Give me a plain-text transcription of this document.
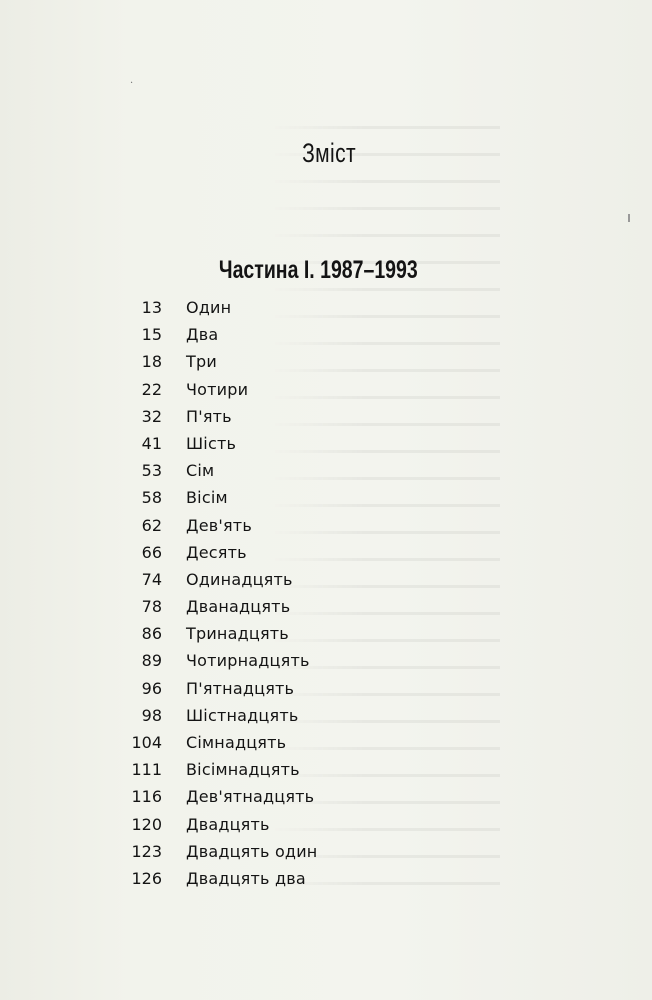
·
Зміст
Частина I. 1987–1993
13 Один
15 Два
18 Три
22 Чотири
32 П'ять
41 Шість
53 Сім
58 Вісім
62 Дев'ять
66 Десять
74 Одинадцять
78 Дванадцять
86 Тринадцять
89 Чотирнадцять
96 П'ятнадцять
98 Шістнадцять
104 Сімнадцять
111 Вісімнадцять
116 Дев'ятнадцять
120 Двадцять
123 Двадцять один
126 Двадцять два
